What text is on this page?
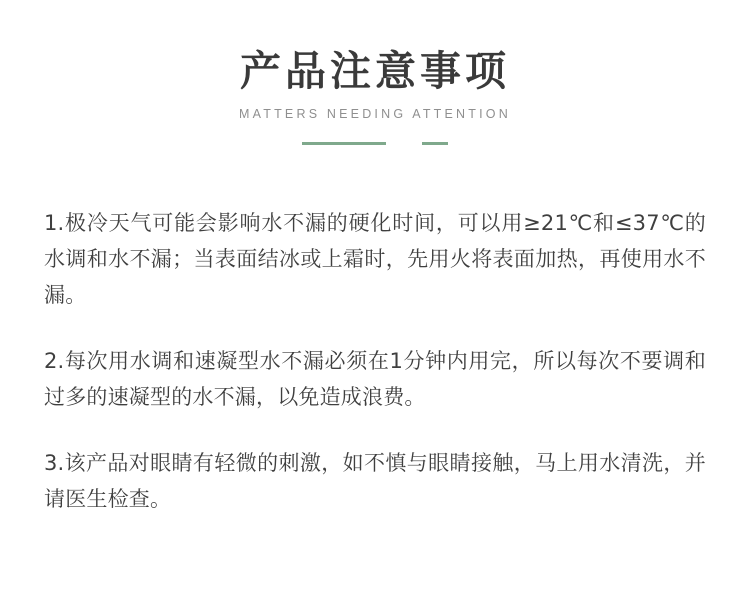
产品注意事项
MATTERS NEEDING ATTENTION

1.极冷天气可能会影响水不漏的硬化时间，可以用≥21℃和≤37℃的水调和水不漏；当表面结冰或上霜时，先用火将表面加热，再使用水不漏。

2.每次用水调和速凝型水不漏必须在1分钟内用完，所以每次不要调和过多的速凝型的水不漏，以免造成浪费。

3.该产品对眼睛有轻微的刺激，如不慎与眼睛接触，马上用水清洗，并请医生检查。
